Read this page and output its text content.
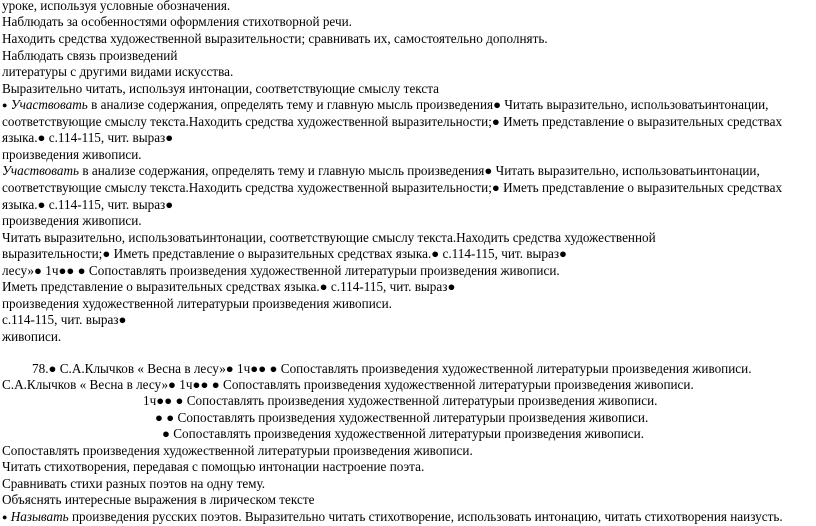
уроке, используя условные обозначения.
Наблюдать за особенностями оформления стихотворной речи.
Находить средства художественной выразительности; сравнивать их, самостоятельно дополнять.
Наблюдать связь произведений
литературы с другими видами искусства.
Выразительно читать, используя интонации, соответствующие смыслу текста
● Участвовать в анализе содержания, определять тему и главную мысль произведения● Читать выразительно, использоватьинтонации,
соответствующие смыслу текста.Находить средства художественной выразительности;● Иметь представление о выразительных средствах
языка.● с.114-115, чит. выраз●
произведения живописи.
Участвовать в анализе содержания, определять тему и главную мысль произведения● Читать выразительно, использоватьинтонации,
соответствующие смыслу текста.Находить средства художественной выразительности;● Иметь представление о выразительных средствах
языка.● с.114-115, чит. выраз●
произведения живописи.
Читать выразительно, использоватьинтонации, соответствующие смыслу текста.Находить средства художественной
выразительности;● Иметь представление о выразительных средствах языка.● с.114-115, чит. выраз●
лесу»● 1ч●● ● Сопоставлять произведения художественной литературыи произведения живописи.
Иметь представление о выразительных средствах языка.● с.114-115, чит. выраз●
произведения художественной литературыи произведения живописи.
с.114-115, чит. выраз●
живописи.
78.● С.А.Клычков « Весна в лесу»● 1ч●● ● Сопоставлять произведения художественной литературыи произведения живописи.
С.А.Клычков « Весна в лесу»● 1ч●● ● Сопоставлять произведения художественной литературыи произведения живописи.
1ч●● ● Сопоставлять произведения художественной литературыи произведения живописи.
● ● Сопоставлять произведения художественной литературыи произведения живописи.
● Сопоставлять произведения художественной литературыи произведения живописи.
Сопоставлять произведения художественной литературыи произведения живописи.
Читать стихотворения, передавая с помощью интонации настроение поэта.
Сравнивать стихи разных поэтов на одну тему.
Объяснять интересные выражения в лирическом тексте
● Называть произведения русских поэтов. Выразительно читать стихотворение, использовать интонацию, читать стихотворения наизусть.
